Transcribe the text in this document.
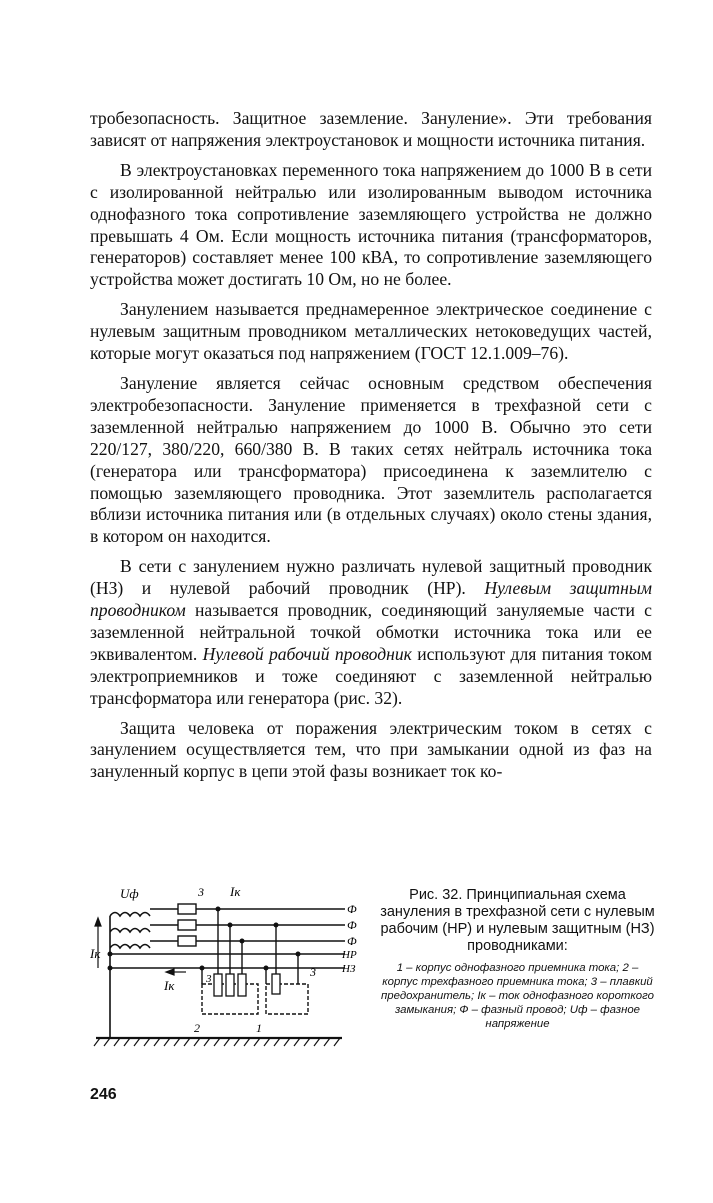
тробезопасность. Защитное заземление. Зануление». Эти требования зависят от напряжения электроустановок и мощности источника питания.

В электроустановках переменного тока напряжением до 1000 В в сети с изолированной нейтралью или изолированным выводом источника однофазного тока сопротивление заземляющего устройства не должно превышать 4 Ом. Если мощность источника питания (трансформаторов, генераторов) составляет менее 100 кВА, то сопротивление заземляющего устройства может достигать 10 Ом, но не более.

Занулением называется преднамеренное электрическое соединение с нулевым защитным проводником металлических нетоковедущих частей, которые могут оказаться под напряжением (ГОСТ 12.1.009–76).

Зануление является сейчас основным средством обеспечения электробезопасности. Зануление применяется в трехфазной сети с заземленной нейтралью напряжением до 1000 В. Обычно это сети 220/127, 380/220, 660/380 В. В таких сетях нейтраль источника тока (генератора или трансформатора) присоединена к заземлителю с помощью заземляющего проводника. Этот заземлитель располагается вблизи источника питания или (в отдельных случаях) около стены здания, в котором он находится.

В сети с занулением нужно различать нулевой защитный проводник (НЗ) и нулевой рабочий проводник (НР). Нулевым защитным проводником называется проводник, соединяющий зануляемые части с заземленной нейтральной точкой обмотки источника тока или ее эквивалентом. Нулевой рабочий проводник используют для питания током электроприемников и тоже соединяют с заземленной нейтралью трансформатора или генератора (рис. 32).

Защита человека от поражения электрическим током в сетях с занулением осуществляется тем, что при замыкании одной из фаз на зануленный корпус в цепи этой фазы возникает ток ко-

Uф	3 Iк
Iк
Iк	3	3
2	1
Ф
Ф
Ф
НР
НЗ
Рис. 32. Принципиальная схема зануления в трехфазной сети с нулевым рабочим (НР) и нулевым защитным (НЗ) проводниками:
1 – корпус однофазного приемника тока; 2 – корпус трехфазного приемника тока; 3 – плавкий предохранитель; Iк – ток однофазного короткого замыкания; Ф – фазный провод; Uф – фазное напряжение
246
